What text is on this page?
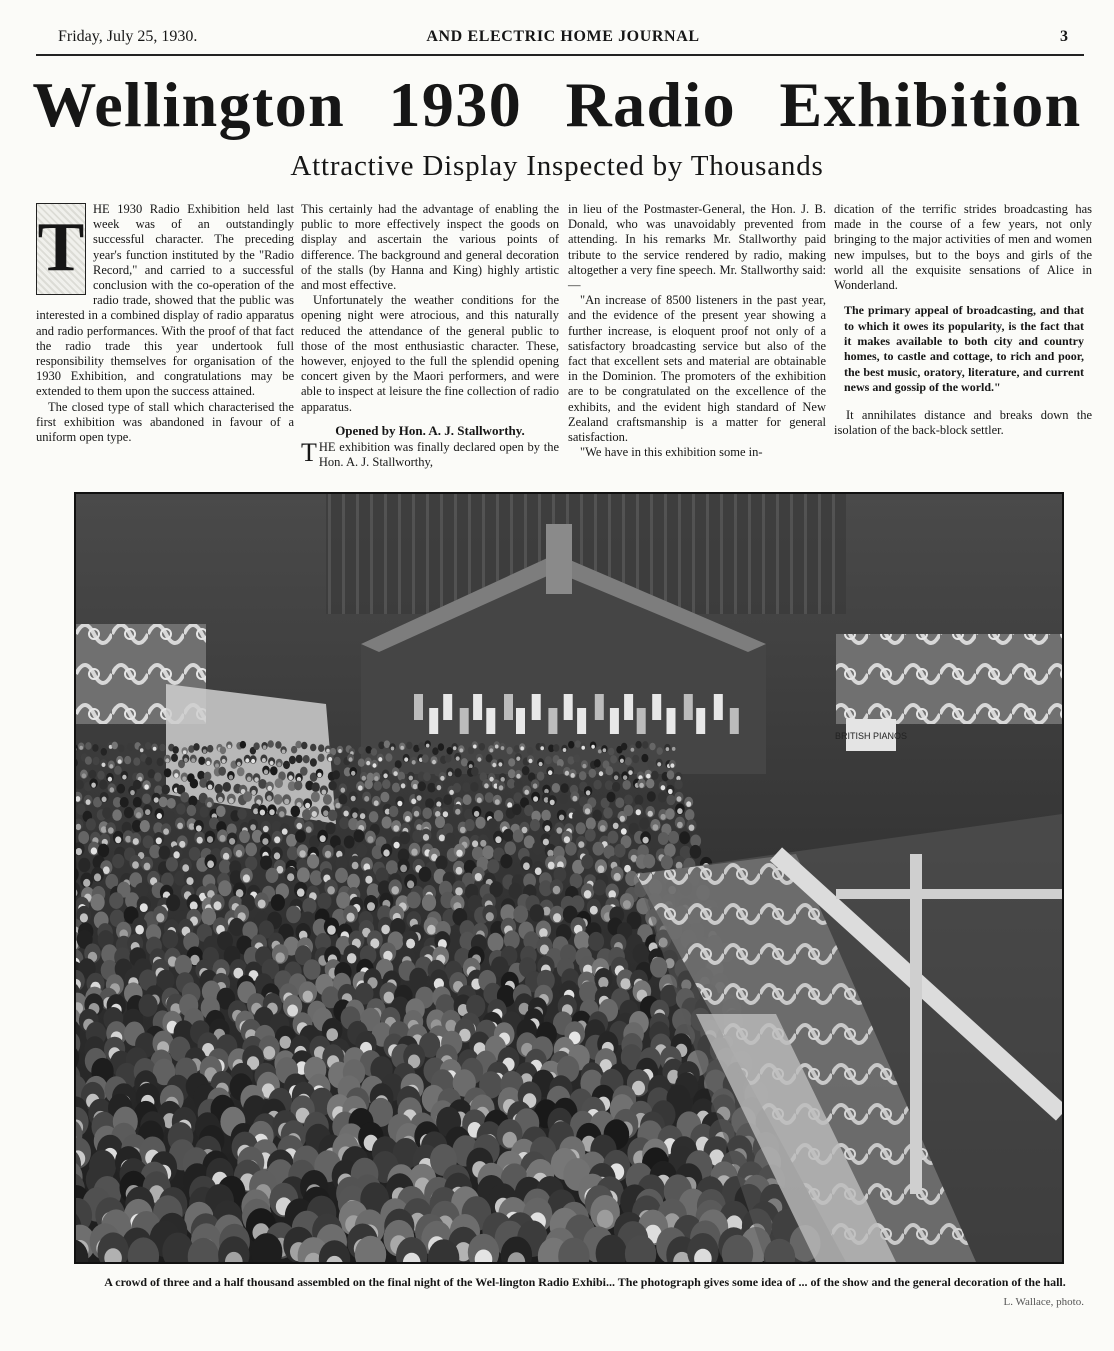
Friday, July 25, 1930.	AND ELECTRIC HOME JOURNAL	3
Wellington 1930 Radio Exhibition
Attractive Display Inspected by Thousands
T HE 1930 Radio Exhibition held last week was of an outstandingly successful character. The preceding year's function instituted by the "Radio Record," and carried to a successful conclusion with the co-operation of the radio trade, showed that the public was interested in a combined display of radio apparatus and radio performances. With the proof of that fact the radio trade this year undertook full responsibility themselves for organisation of the 1930 Exhibition, and congratulations may be extended to them upon the success attained.

The closed type of stall which characterised the first exhibition was abandoned in favour of a uniform open type.

This certainly had the advantage of enabling the public to more effectively inspect the goods on display and ascertain the various points of difference. The background and general decoration of the stalls (by Hanna and King) highly artistic and most effective.

Unfortunately the weather conditions for the opening night were atrocious, and this naturally reduced the attendance of the general public to those of the most enthusiastic character. These, however, enjoyed to the full the splendid opening concert given by the Maori performers, and were able to inspect at leisure the fine collection of radio apparatus.

Opened by Hon. A. J. Stallworthy.

THE exhibition was finally declared open by the Hon. A. J. Stallworthy,

in lieu of the Postmaster-General, the Hon. J. B. Donald, who was unavoidably prevented from attending. In his remarks Mr. Stallworthy paid tribute to the service rendered by radio, making altogether a very fine speech. Mr. Stallworthy said:—

"An increase of 8500 listeners in the past year, and the evidence of the present year showing a further increase, is eloquent proof not only of a satisfactory broadcasting service but also of the fact that excellent sets and material are obtainable in the Dominion. The promoters of the exhibition are to be congratulated on the excellence of the exhibits, and the evident high standard of New Zealand craftsmanship is a matter for general satisfaction.

"We have in this exhibition some in-

dication of the terrific strides broadcasting has made in the course of a few years, not only bringing to the major activities of men and women new impulses, but to the boys and girls of the world all the exquisite sensations of Alice in Wonderland.

The primary appeal of broadcasting, and that to which it owes its popularity, is the fact that it makes available to both city and country homes, to castle and cottage, to rich and poor, the best music, oratory, literature, and current news and gossip of the world."

It annihilates distance and breaks down the isolation of the back-block settler.

BRITISH PIANOS
A crowd of three and a half thousand assembled on the final night of the Wel-lington Radio Exhibi... The photograph gives some idea of ... of the show and the general decoration of the hall.
L. Wallace, photo.
